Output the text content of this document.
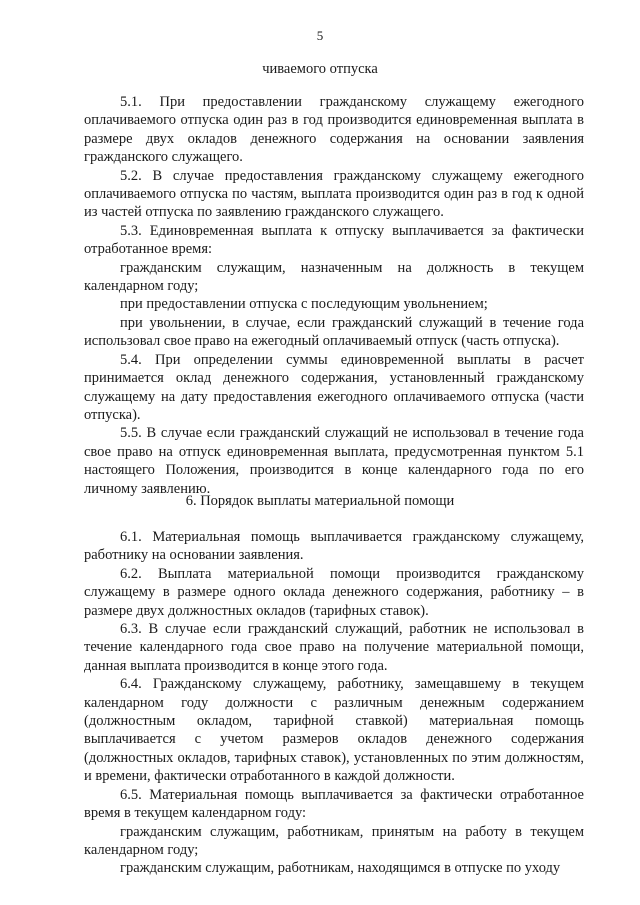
5
чиваемого отпуска

5.1. При предоставлении гражданскому служащему ежегодного оплачиваемого отпуска один раз в год производится единовременная выплата в размере двух окладов денежного содержания на основании заявления гражданского служащего.

5.2. В случае предоставления гражданскому служащему ежегодного оплачиваемого отпуска по частям, выплата производится один раз в год к одной из частей отпуска по заявлению гражданского служащего.

5.3. Единовременная выплата к отпуску выплачивается за фактически отработанное время:

гражданским служащим, назначенным на должность в текущем календарном году;

при предоставлении отпуска с последующим увольнением;

при увольнении, в случае, если гражданский служащий в течение года использовал свое право на ежегодный оплачиваемый отпуск (часть отпуска).

5.4. При определении суммы единовременной выплаты в расчет принимается оклад денежного содержания, установленный гражданскому служащему на дату предоставления ежегодного оплачиваемого отпуска (части отпуска).

5.5. В случае если гражданский служащий не использовал в течение года свое право на отпуск единовременная выплата, предусмотренная пунктом 5.1 настоящего Положения, производится в конце календарного года по его личному заявлению.

6. Порядок выплаты материальной помощи

6.1. Материальная помощь выплачивается гражданскому служащему, работнику на основании заявления.

6.2. Выплата материальной помощи производится гражданскому служащему в размере одного оклада денежного содержания, работнику – в размере двух должностных окладов (тарифных ставок).

6.3. В случае если гражданский служащий, работник не использовал в течение календарного года свое право на получение материальной помощи, данная выплата производится в конце этого года.

6.4. Гражданскому служащему, работнику, замещавшему в текущем календарном году должности с различным денежным содержанием (должностным окладом, тарифной ставкой) материальная помощь выплачивается с учетом размеров окладов денежного содержания (должностных окладов, тарифных ставок), установленных по этим должностям, и времени, фактически отработанного в каждой должности.

6.5. Материальная помощь выплачивается за фактически отработанное время в текущем календарном году:

гражданским служащим, работникам, принятым на работу в текущем календарном году;

гражданским служащим, работникам, находящимся в отпуске по уходу
